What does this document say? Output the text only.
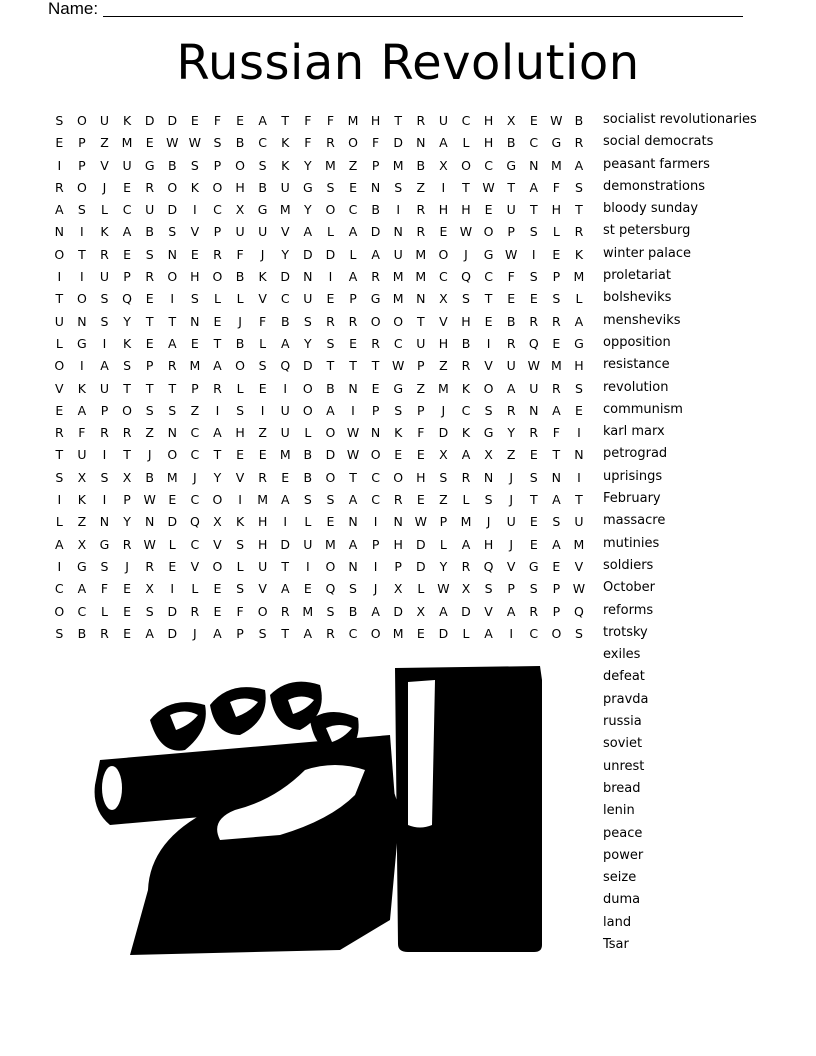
Name:
Russian Revolution
S	O	U	K	D	D	E	F	E	A	T	F	F	M	H	T	R	U	C	H	X	E W B
E	P	Z	M	E W W S	B	C	K	F	R	O	F	D	N	A	L	H	B	C	G	R
I	P	V	U	G	B	S	P	O	S	K	Y	M	Z	P	M	B	X	O	C	G	N	M	A
R	O	J	E	R	O	K	O	H	B	U	G	S	E	N	S	Z	I	T	W	T	A	F	S
A	S	L	C	U	D	I	C	X	G M	Y	O	C	B	I	R	H	H	E	U	T	H	T
N	I	K	A	B	S	V	P	U	U	V	A	L	A	D	N	R	E W O	P	S	L	R
O	T	R	E	S	N	E	R	F	J	Y	D	D	L	A	U	M O	J	G W	I	E	K
I	I	U	P	R	O	H	O	B	K	D	N	I	A	R	M M	C	Q	C	F	S	P	M
T	O	S	Q	E	I	S	L	L	V	C	U	E	P	G M	N	X	S	T	E	E	S	L
U	N	S	Y	T	T	N	E	J	F	B	S	R	R	O	O	T	V	H	E	B	R	R	A
L	G	I	K	E	A	E	T	B	L	A	Y	S	E	R	C	U	H	B	I	R	Q	E	G
O	I	A	S	P	R	M	A	O	S	Q	D	T	T	T	W	P	Z	R	V	U W M	H
V	K	U	T	T	T	P	R	L	E	I	O	B	N	E	G	Z	M	K	O	A	U	R	S
E	A	P	O	S	S	Z	I	S	I	U	O	A	I	P	S	P	J	C	S	R	N	A	E
R	F	R	R	Z	N	C	A	H	Z	U	L	O W N	K	F	D	K	G	Y	R	F	I
T	U	I	T	J	O	C	T	E	E	M	B	D W O	E	E	X	A	X	Z	E	T	N
S	X	S	X	B	M	J	Y	V	R	E	B	O	T	C	O	H	S	R	N	J	S	N	I
I	K	I	P	W E	C	O	I	M	A	S	S	A	C	R	E	Z	L	S	J	T	A	T
L	Z	N	Y	N	D	Q	X	K	H	I	L	E	N	I	N W	P	M	J	U	E	S	U
A	X	G	R W	L	C	V	S	H	D	U	M	A	P	H	D	L	A	H	J	E	A	M
I	G	S	J	R	E	V	O	L	U	T	I	O	N	I	P	D	Y	R	Q	V	G	E	V
C	A	F	E	X	I	L	E	S	V	A	E	Q	S	J	X	L	W X	S	P	S	P	W
O	C	L	E	S	D	R	E	F	O	R	M	S	B	A	D	X	A	D	V	A	R	P	Q
S	B	R	E	A	D	J	A	P	S	T	A	R	C	O M	E	D	L	A	I	C	O	S
socialist revolutionaries
social democrats
peasant farmers
demonstrations
bloody sunday
st petersburg
winter palace
proletariat
bolsheviks
mensheviks
opposition
resistance
revolution
communism
karl marx
petrograd
uprisings
February
massacre
mutinies
soldiers
October
reforms
trotsky
exiles
defeat
pravda
russia
soviet
unrest
bread
lenin
peace
power
seize
duma
land
Tsar
